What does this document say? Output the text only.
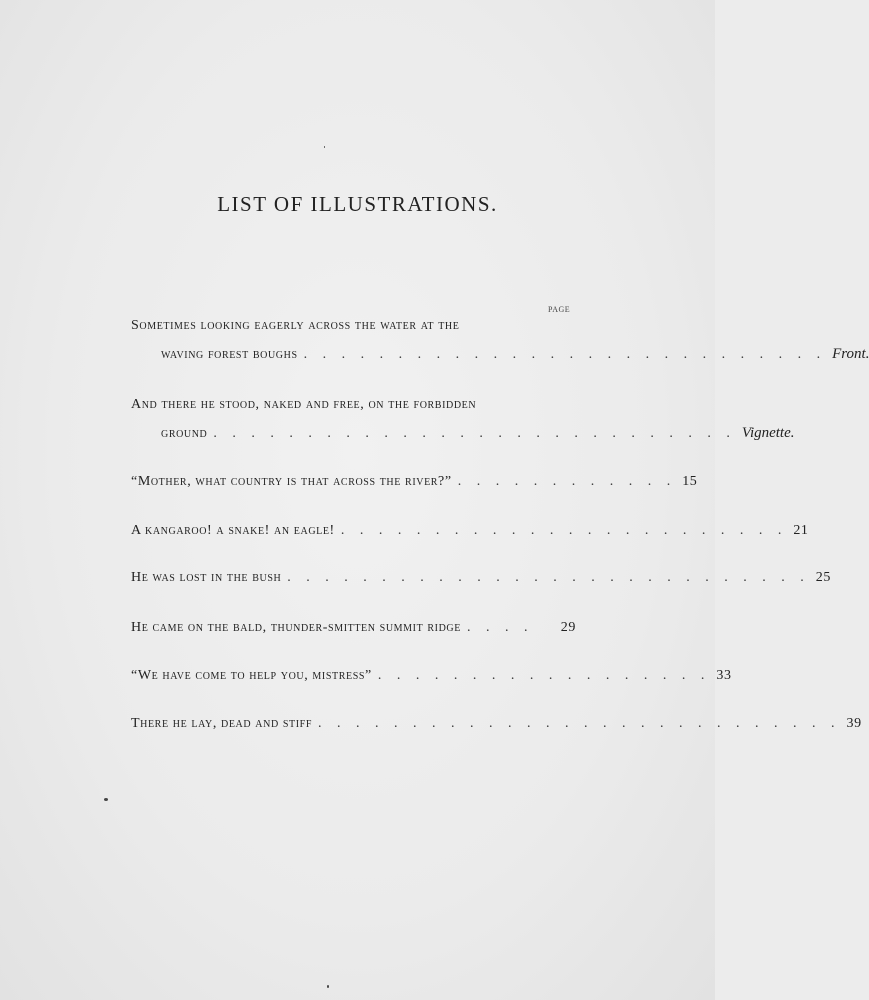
LIST OF ILLUSTRATIONS.
PAGE
Sometimes looking eagerly across the water at the
waving forest boughs . . . . . . . . . . . . . . . . . . . . . . . . . . . . Front.
And there he stood, naked and free, on the forbidden
ground . . . . . . . . . . . . . . . . . . . . . . . . . . . . Vignette.
“Mother, what country is that across the river?” . . . . . . . . . . . . 15
A kangaroo! a snake! an eagle! . . . . . . . . . . . . . . . . . . . . . . . . 21
He was lost in the bush . . . . . . . . . . . . . . . . . . . . . . . . . . . . 25
He came on the bald, thunder-smitten summit ridge . . . .	29
“We have come to help you, mistress” . . . . . . . . . . . . . . . . . . 33
There he lay, dead and stiff . . . . . . . . . . . . . . . . . . . . . . . . . . . . 39
